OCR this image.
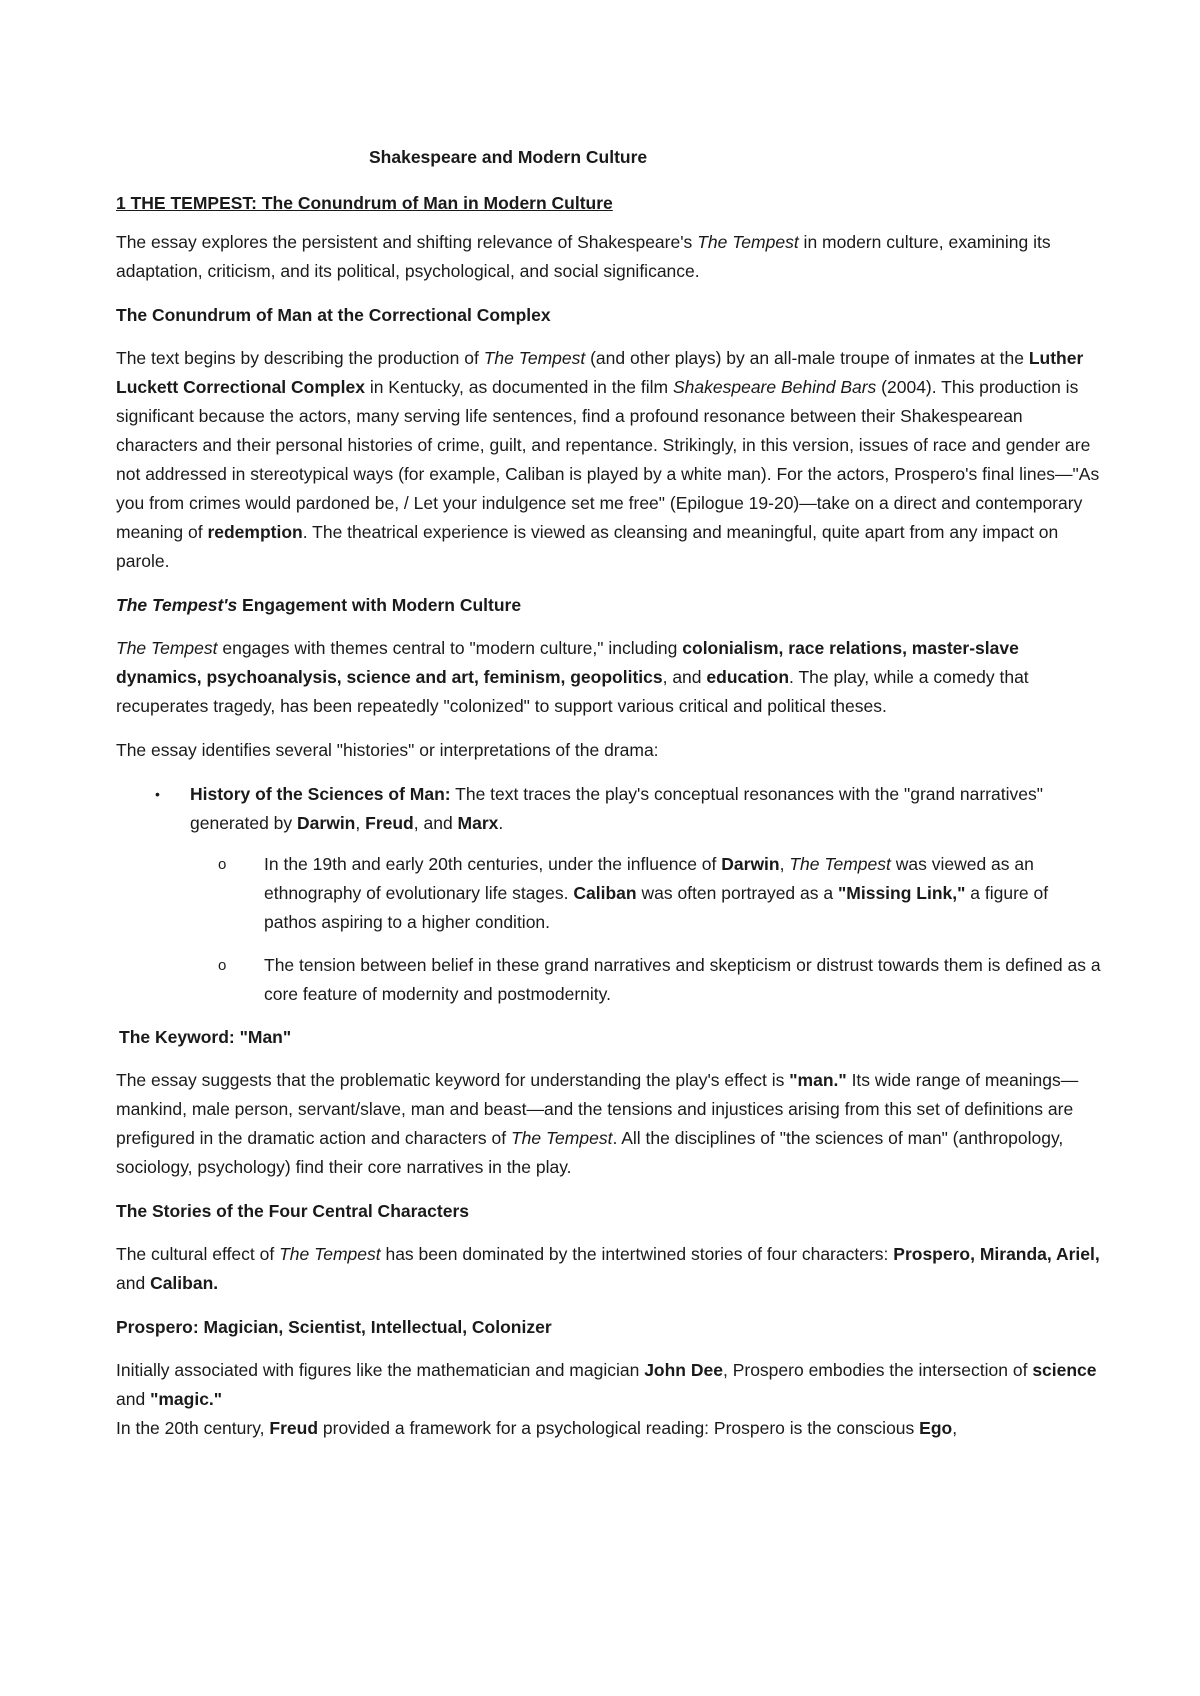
Shakespeare and Modern Culture
1 THE TEMPEST: The Conundrum of Man in Modern Culture

The essay explores the persistent and shifting relevance of Shakespeare's The Tempest in modern culture, examining its adaptation, criticism, and its political, psychological, and social significance.

The Conundrum of Man at the Correctional Complex

The text begins by describing the production of The Tempest (and other plays) by an all-male troupe of inmates at the Luther Luckett Correctional Complex in Kentucky, as documented in the film Shakespeare Behind Bars (2004). This production is significant because the actors, many serving life sentences, find a profound resonance between their Shakespearean characters and their personal histories of crime, guilt, and repentance. Strikingly, in this version, issues of race and gender are not addressed in stereotypical ways (for example, Caliban is played by a white man). For the actors, Prospero's final lines—"As you from crimes would pardoned be, / Let your indulgence set me free" (Epilogue 19-20)—take on a direct and contemporary meaning of redemption. The theatrical experience is viewed as cleansing and meaningful, quite apart from any impact on parole.

The Tempest's Engagement with Modern Culture

The Tempest engages with themes central to "modern culture," including colonialism, race relations, master-slave dynamics, psychoanalysis, science and art, feminism, geopolitics, and education. The play, while a comedy that recuperates tragedy, has been repeatedly "colonized" to support various critical and political theses.

The essay identifies several "histories" or interpretations of the drama:

• History of the Sciences of Man: The text traces the play's conceptual resonances with the "grand narratives" generated by Darwin, Freud, and Marx.
o In the 19th and early 20th centuries, under the influence of Darwin, The Tempest was viewed as an ethnography of evolutionary life stages. Caliban was often portrayed as a "Missing Link," a figure of pathos aspiring to a higher condition.
o The tension between belief in these grand narratives and skepticism or distrust towards them is defined as a core feature of modernity and postmodernity.
The Keyword: "Man"

The essay suggests that the problematic keyword for understanding the play's effect is "man." Its wide range of meanings—mankind, male person, servant/slave, man and beast—and the tensions and injustices arising from this set of definitions are prefigured in the dramatic action and characters of The Tempest. All the disciplines of "the sciences of man" (anthropology, sociology, psychology) find their core narratives in the play.

The Stories of the Four Central Characters

The cultural effect of The Tempest has been dominated by the intertwined stories of four characters: Prospero, Miranda, Ariel, and Caliban.

Prospero: Magician, Scientist, Intellectual, Colonizer

Initially associated with figures like the mathematician and magician John Dee, Prospero embodies the intersection of science and "magic."

In the 20th century, Freud provided a framework for a psychological reading: Prospero is the conscious Ego,
